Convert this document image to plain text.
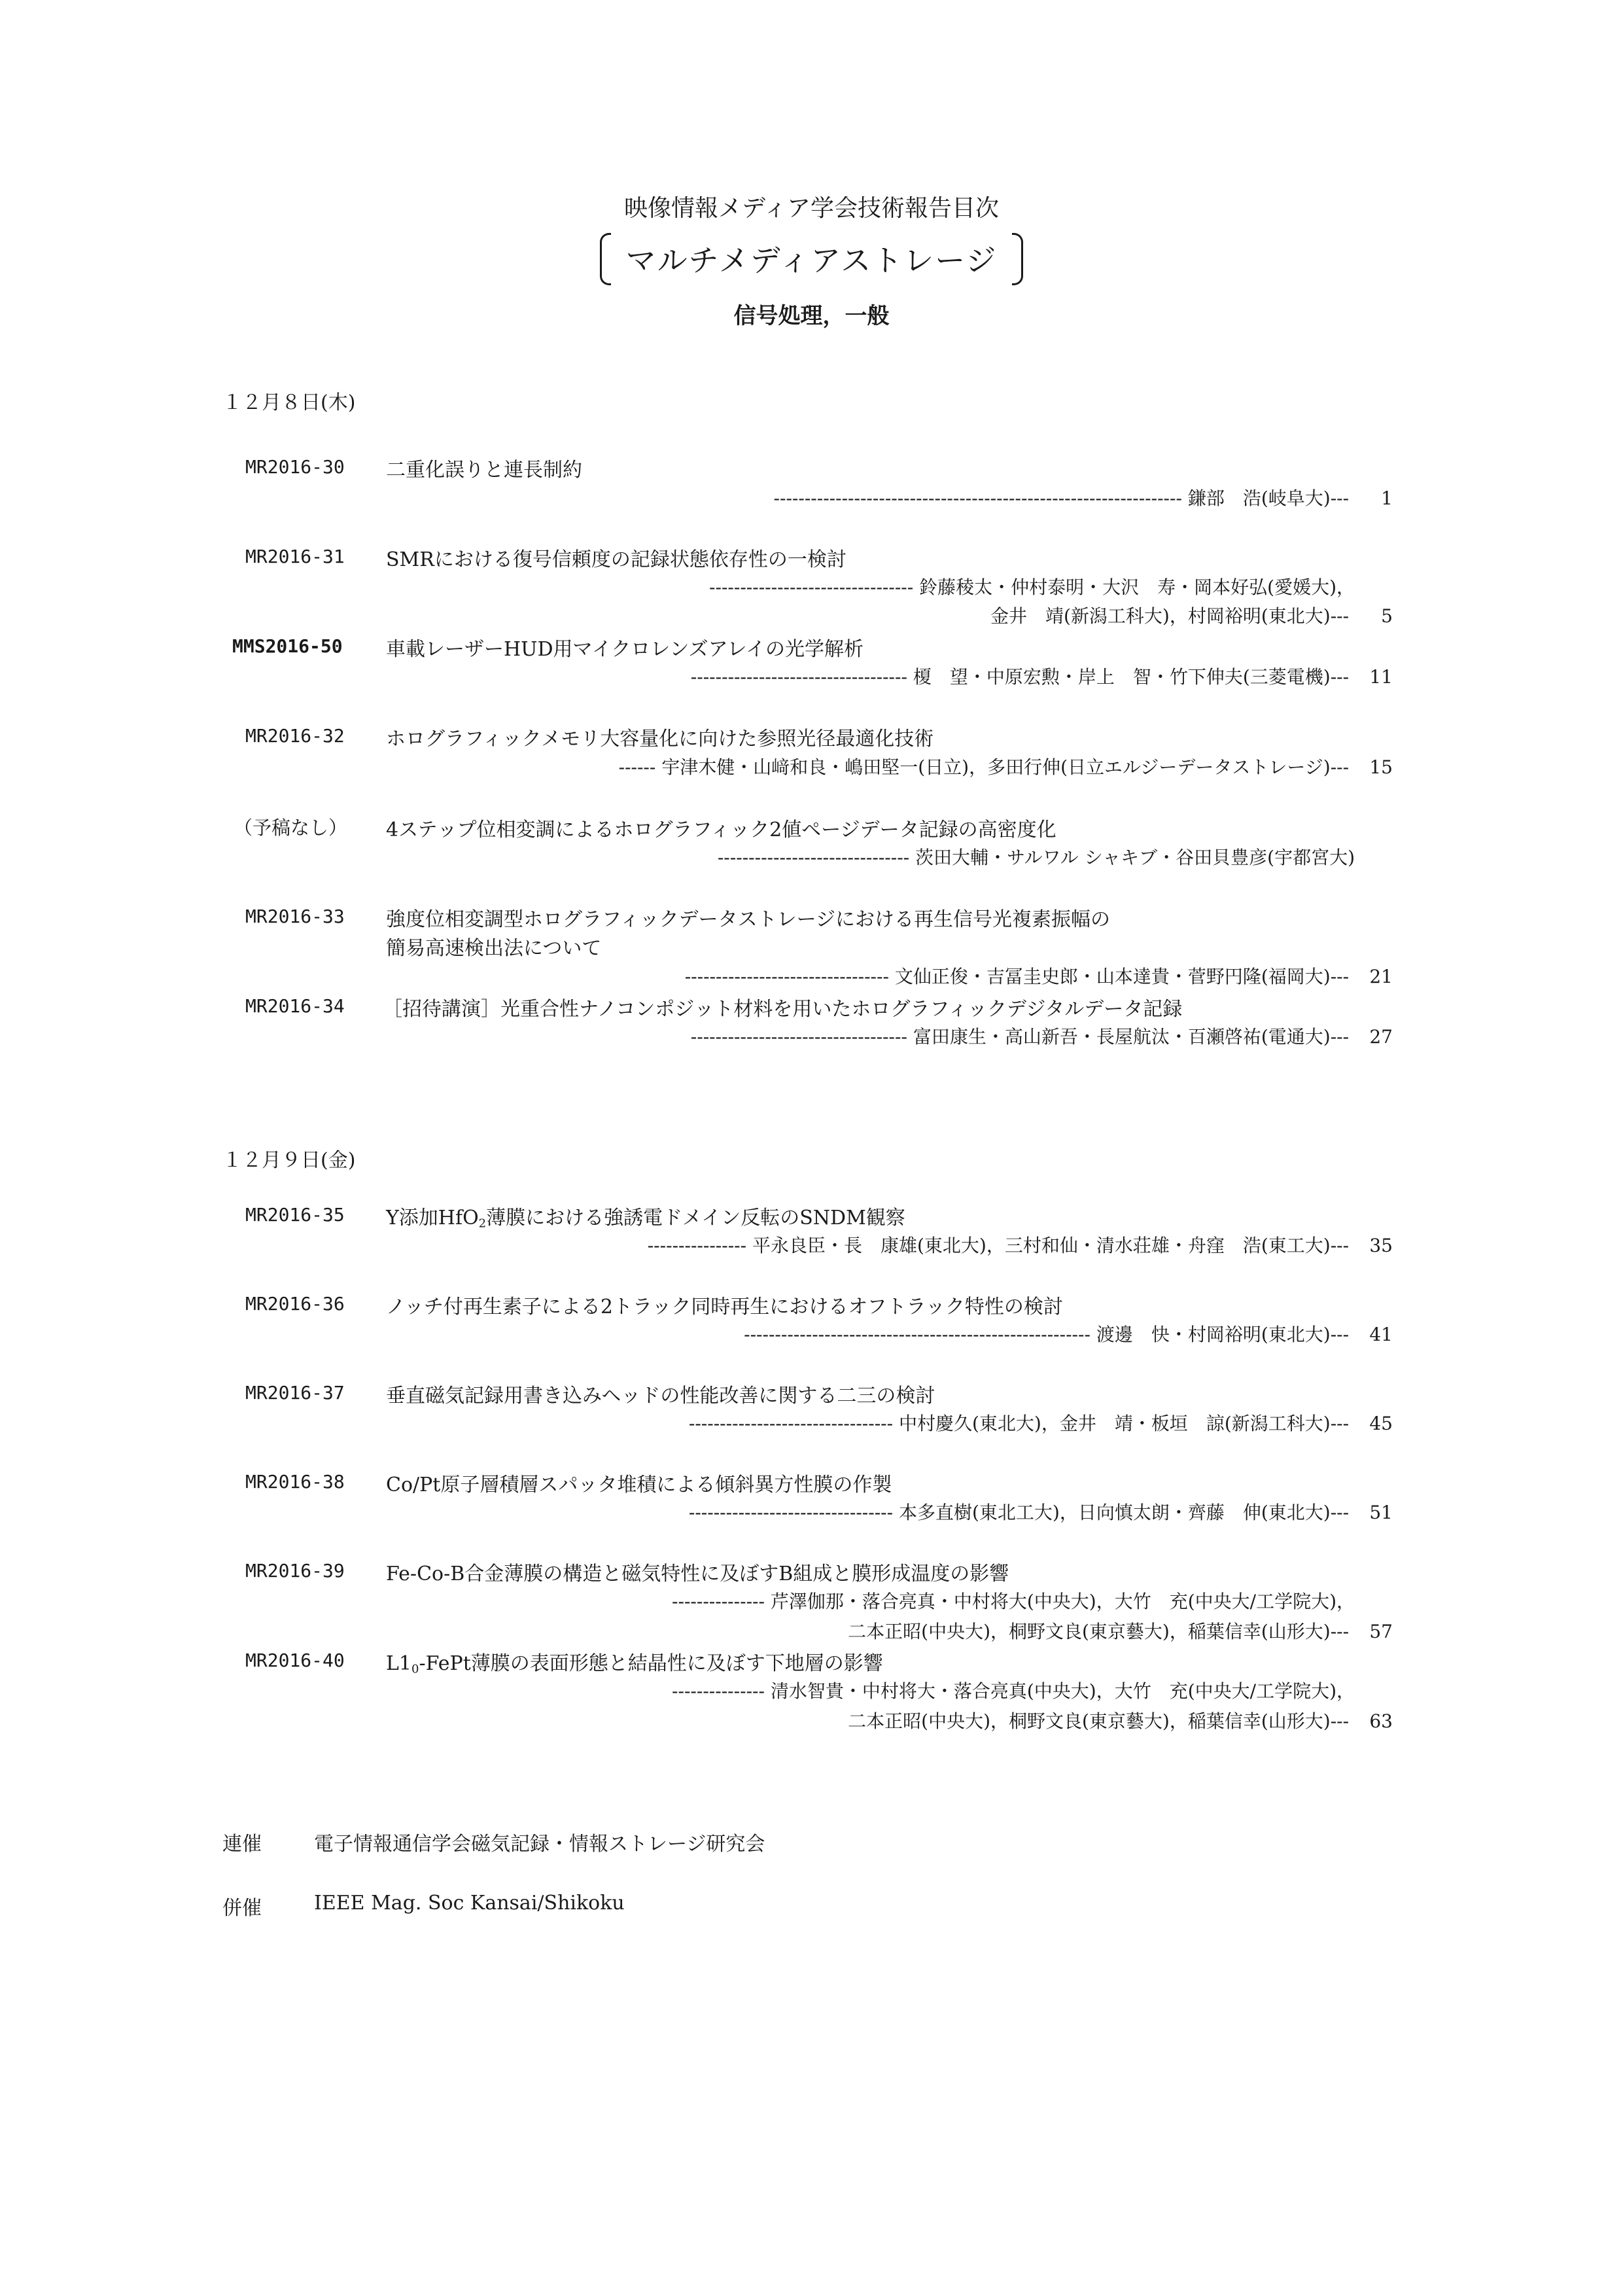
映像情報メディア学会技術報告目次
マルチメディアストレージ
信号処理，一般
１２月８日(木)
MR2016-30 二重化誤りと連長制約
------------------------------------------------------------------ 鎌部　浩(岐阜大)--- 1
MR2016-31 SMRにおける復号信頼度の記録状態依存性の一検討
--------------------------------- 鈴藤稜太・仲村泰明・大沢　寿・岡本好弘(愛媛大)，
金井　靖(新潟工科大)，村岡裕明(東北大)--- 5
MMS2016-50 車載レーザーHUD用マイクロレンズアレイの光学解析
----------------------------------- 榎　望・中原宏勲・岸上　智・竹下伸夫(三菱電機)--- 11
MR2016-32 ホログラフィックメモリ大容量化に向けた参照光径最適化技術
------ 宇津木健・山﨑和良・嶋田堅一(日立)，多田行伸(日立エルジーデータストレージ)--- 15
（予稿なし） 4ステップ位相変調によるホログラフィック2値ページデータ記録の高密度化
------------------------------- 茨田大輔・サルワル シャキブ・谷田貝豊彦(宇都宮大)
MR2016-33 強度位相変調型ホログラフィックデータストレージにおける再生信号光複素振幅の
簡易高速検出法について
--------------------------------- 文仙正俊・吉冨圭史郎・山本達貴・菅野円隆(福岡大)--- 21
MR2016-34 ［招待講演］光重合性ナノコンポジット材料を用いたホログラフィックデジタルデータ記録
----------------------------------- 富田康生・高山新吾・長屋航汰・百瀬啓祐(電通大)--- 27
１２月９日(金)
MR2016-35 Y添加HfO$_2$薄膜における強誘電ドメイン反転のSNDM観察
---------------- 平永良臣・長　康雄(東北大)，三村和仙・清水荘雄・舟窪　浩(東工大)--- 35
MR2016-36 ノッチ付再生素子による2トラック同時再生におけるオフトラック特性の検討
-------------------------------------------------------- 渡邊　快・村岡裕明(東北大)--- 41
MR2016-37 垂直磁気記録用書き込みヘッドの性能改善に関する二三の検討
--------------------------------- 中村慶久(東北大)，金井　靖・板垣　諒(新潟工科大)--- 45
MR2016-38 Co/Pt原子層積層スパッタ堆積による傾斜異方性膜の作製
--------------------------------- 本多直樹(東北工大)，日向慎太朗・齊藤　伸(東北大)--- 51
MR2016-39 Fe-Co-B合金薄膜の構造と磁気特性に及ぼすB組成と膜形成温度の影響
--------------- 芹澤伽那・落合亮真・中村将大(中央大)，大竹　充(中央大/工学院大)，
二本正昭(中央大)，桐野文良(東京藝大)，稲葉信幸(山形大)--- 57
MR2016-40 $L1_0$-FePt薄膜の表面形態と結晶性に及ぼす下地層の影響
--------------- 清水智貴・中村将大・落合亮真(中央大)，大竹　充(中央大/工学院大)，
二本正昭(中央大)，桐野文良(東京藝大)，稲葉信幸(山形大)--- 63
連催	電子情報通信学会磁気記録・情報ストレージ研究会
併催	IEEE Mag. Soc Kansai/Shikoku
